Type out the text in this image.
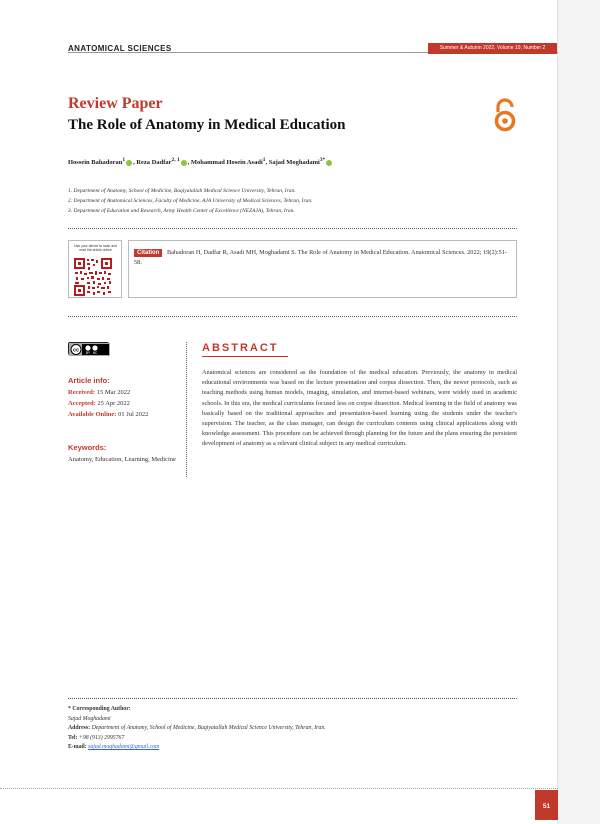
ANATOMICAL SCIENCES	Summer & Autumn 2022, Volume 19, Number 2
Review Paper
The Role of Anatomy in Medical Education
Hossein Bahadoran$^1$ , Reza Dadfar$^{2, 1}$ , Mohammad Hosein Asadi$^1$, Sajad Moghadami$^{3*}$
1. Department of Anatomy, School of Medicine, Baqiyatallah Medical Science University, Tehran, Iran.
2. Department of Anatomical Sciences, Faculty of Medicine, AJA University of Medical Sciences, Tehran, Iran.
3. Department of Education and Research, Army Health Center of Excellence (NEZAJA), Tehran, Iran.
Use your device to scan and read the article online	Bahadoran H, Dadfar R, Asadi MH, Moghadami S. The Role of Anatomy in Medical Education. Anatomical Sciences. 2022; 19(2):51-58.
Citation
cc BY NC
Article info:
Received: 15 Mar 2022
Accepted: 25 Apr 2022
Available Online: 01 Jul 2022
Keywords:
Anatomy, Education, Learning, Medicine
ABSTRACT
Anatomical sciences are considered as the foundation of the medical education. Previously, the anatomy in medical educational environments was based on the lecture presentation and corpus dissection. Then, the newer protocols, such as teaching methods using human models, imaging, simulation, and internet-based webinars, were widely used in academic schools. In this era, the medical curriculums focused less on corpse dissection. Medical learning in the field of anatomy was basically based on the traditional approaches and presentation-based learning using the students under the teacher's supervision. The teacher, as the class manager, can design the curriculum contents using clinical applications along with knowledge assessment. This procedure can be achieved through planning for the future and the plans ensuring the persistent development of anatomy as a relevant clinical subject in any medical curriculum.
* Corresponding Author:
Sajad Moghadami
Address: Department of Anatomy, School of Medicine, Baqiyatallah Medical Science University, Tehran, Iran.
Tel: +98 (913) 2995767
E-mail: sajad.moghadami@gmail.com
51
